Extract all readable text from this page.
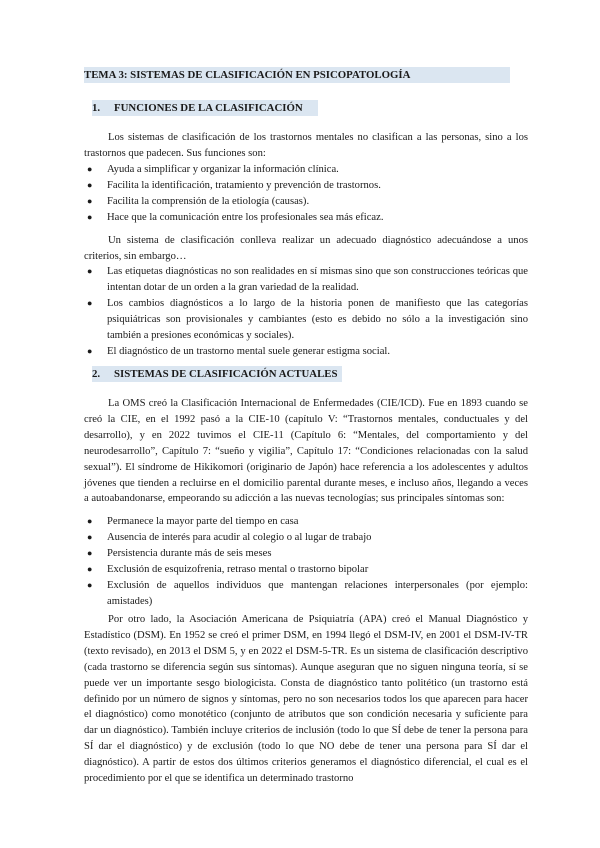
TEMA 3: SISTEMAS DE CLASIFICACIÓN EN PSICOPATOLOGÍA
1. FUNCIONES DE LA CLASIFICACIÓN

Los sistemas de clasificación de los trastornos mentales no clasifican a las personas, sino a los trastornos que padecen. Sus funciones son:

● Ayuda a simplificar y organizar la información clínica.
● Facilita la identificación, tratamiento y prevención de trastornos.
● Facilita la comprensión de la etiología (causas).
● Hace que la comunicación entre los profesionales sea más eficaz.

Un sistema de clasificación conlleva realizar un adecuado diagnóstico adecuándose a unos criterios, sin embargo…

● Las etiquetas diagnósticas no son realidades en sí mismas sino que son construcciones teóricas que intentan dotar de un orden a la gran variedad de la realidad.
● Los cambios diagnósticos a lo largo de la historia ponen de manifiesto que las categorías psiquiátricas son provisionales y cambiantes (esto es debido no sólo a la investigación sino también a presiones económicas y sociales).
● El diagnóstico de un trastorno mental suele generar estigma social.
2. SISTEMAS DE CLASIFICACIÓN ACTUALES

La OMS creó la Clasificación Internacional de Enfermedades (CIE/ICD). Fue en 1893 cuando se creó la CIE, en el 1992 pasó a la CIE-10 (capítulo V: “Trastornos mentales, conductuales y del desarrollo), y en 2022 tuvimos el CIE-11 (Capítulo 6: “Mentales, del comportamiento y del neurodesarrollo”, Capítulo 7: “sueño y vigilia”, Capítulo 17: “Condiciones relacionadas con la salud sexual”). El síndrome de Hikikomori (originario de Japón) hace referencia a los adolescentes y adultos jóvenes que tienden a recluirse en el domicilio parental durante meses, e incluso años, llegando a veces a autoabandonarse, empeorando su adicción a las nuevas tecnologías; sus principales síntomas son:

● Permanece la mayor parte del tiempo en casa
● Ausencia de interés para acudir al colegio o al lugar de trabajo
● Persistencia durante más de seis meses
● Exclusión de esquizofrenia, retraso mental o trastorno bipolar
● Exclusión de aquellos individuos que mantengan relaciones interpersonales (por ejemplo: amistades)

Por otro lado, la Asociación Americana de Psiquiatría (APA) creó el Manual Diagnóstico y Estadístico (DSM). En 1952 se creó el primer DSM, en 1994 llegó el DSM-IV, en 2001 el DSM-IV-TR (texto revisado), en 2013 el DSM 5, y en 2022 el DSM-5-TR. Es un sistema de clasificación descriptivo (cada trastorno se diferencia según sus síntomas). Aunque aseguran que no siguen ninguna teoría, sí se puede ver un importante sesgo biologicista. Consta de diagnóstico tanto politético (un trastorno está definido por un número de signos y síntomas, pero no son necesarios todos los que aparecen para hacer el diagnóstico) como monotético (conjunto de atributos que son condición necesaria y suficiente para dar un diagnóstico). También incluye criterios de inclusión (todo lo que SÍ debe de tener la persona para SÍ dar el diagnóstico) y de exclusión (todo lo que NO debe de tener una persona para SÍ dar el diagnóstico). A partir de estos dos últimos criterios generamos el diagnóstico diferencial, el cual es el procedimiento por el que se identifica un determinado trastorno
